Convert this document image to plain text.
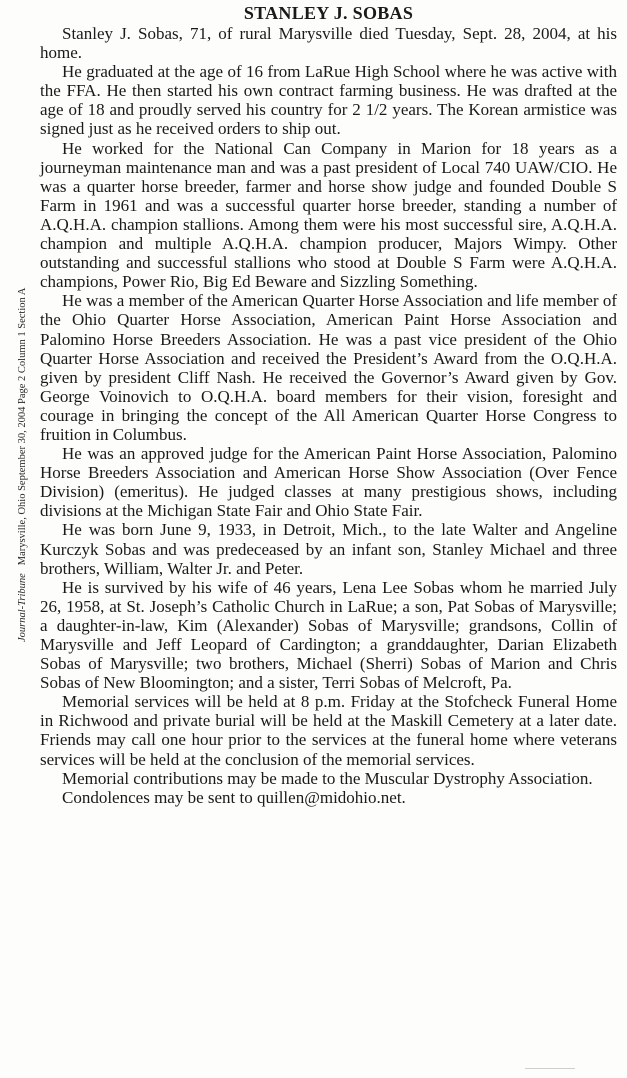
Journal-Tribune   Marysville, Ohio September 30, 2004 Page 2 Column 1 Section A
STANLEY J. SOBAS

Stanley J. Sobas, 71, of rural Marysville died Tuesday, Sept. 28, 2004, at his home.

He graduated at the age of 16 from LaRue High School where he was active with the FFA. He then started his own contract farming business. He was drafted at the age of 18 and proudly served his country for 2 1/2 years. The Korean armistice was signed just as he received orders to ship out.

He worked for the National Can Company in Marion for 18 years as a journeyman maintenance man and was a past president of Local 740 UAW/CIO. He was a quarter horse breeder, farmer and horse show judge and founded Double S Farm in 1961 and was a successful quarter horse breeder, standing a number of A.Q.H.A. champion stallions. Among them were his most successful sire, A.Q.H.A. champion and multiple A.Q.H.A. champion producer, Majors Wimpy. Other outstanding and successful stallions who stood at Double S Farm were A.Q.H.A. champions, Power Rio, Big Ed Beware and Sizzling Something.

He was a member of the American Quarter Horse Association and life member of the Ohio Quarter Horse Association, American Paint Horse Association and Palomino Horse Breeders Association. He was a past vice president of the Ohio Quarter Horse Association and received the President’s Award from the O.Q.H.A. given by president Cliff Nash. He received the Governor’s Award given by Gov. George Voinovich to O.Q.H.A. board members for their vision, foresight and courage in bringing the concept of the All American Quarter Horse Congress to fruition in Columbus.

He was an approved judge for the American Paint Horse Association, Palomino Horse Breeders Association and American Horse Show Association (Over Fence Division) (emeritus). He judged classes at many prestigious shows, including divisions at the Michigan State Fair and Ohio State Fair.

He was born June 9, 1933, in Detroit, Mich., to the late Walter and Angeline Kurczyk Sobas and was predeceased by an infant son, Stanley Michael and three brothers, William, Walter Jr. and Peter.

He is survived by his wife of 46 years, Lena Lee Sobas whom he married July 26, 1958, at St. Joseph’s Catholic Church in LaRue; a son, Pat Sobas of Marysville; a daughter-in-law, Kim (Alexander) Sobas of Marysville; grandsons, Collin of Marysville and Jeff Leopard of Cardington; a granddaughter, Darian Elizabeth Sobas of Marysville; two brothers, Michael (Sherri) Sobas of Marion and Chris Sobas of New Bloomington; and a sister, Terri Sobas of Melcroft, Pa.

Memorial services will be held at 8 p.m. Friday at the Stofcheck Funeral Home in Richwood and private burial will be held at the Maskill Cemetery at a later date. Friends may call one hour prior to the services at the funeral home where veterans services will be held at the conclusion of the memorial services.

Memorial contributions may be made to the Muscular Dystrophy Association.

Condolences may be sent to quillen@midohio.net.
